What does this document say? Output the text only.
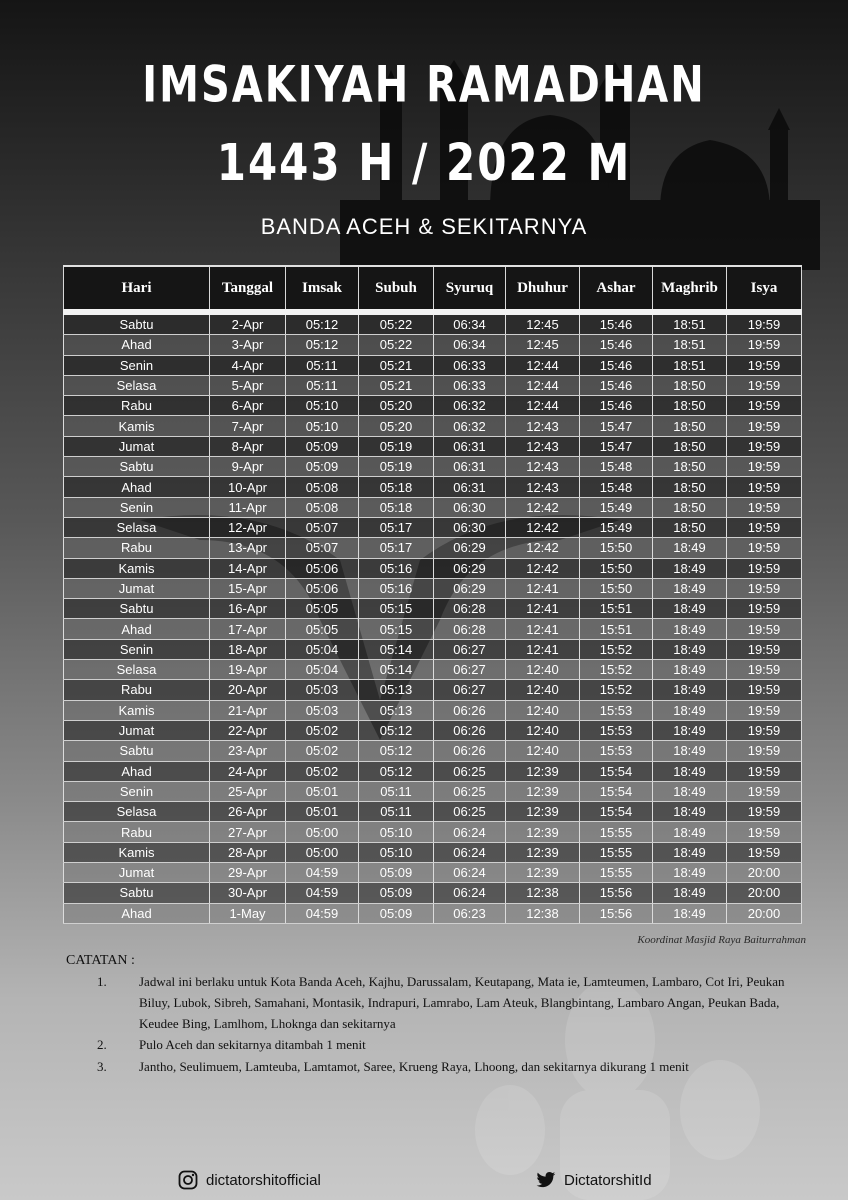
IMSAKIYAH RAMADHAN
1443 H / 2022 M
BANDA ACEH & SEKITARNYA
Hari	Tanggal	Imsak	Subuh	Syuruq	Dhuhur	Ashar	Maghrib	Isya
Sabtu	2-Apr	05:12	05:22	06:34	12:45	15:46	18:51	19:59
Ahad	3-Apr	05:12	05:22	06:34	12:45	15:46	18:51	19:59
Senin	4-Apr	05:11	05:21	06:33	12:44	15:46	18:51	19:59
Selasa	5-Apr	05:11	05:21	06:33	12:44	15:46	18:50	19:59
Rabu	6-Apr	05:10	05:20	06:32	12:44	15:46	18:50	19:59
Kamis	7-Apr	05:10	05:20	06:32	12:43	15:47	18:50	19:59
Jumat	8-Apr	05:09	05:19	06:31	12:43	15:47	18:50	19:59
Sabtu	9-Apr	05:09	05:19	06:31	12:43	15:48	18:50	19:59
Ahad	10-Apr	05:08	05:18	06:31	12:43	15:48	18:50	19:59
Senin	11-Apr	05:08	05:18	06:30	12:42	15:49	18:50	19:59
Selasa	12-Apr	05:07	05:17	06:30	12:42	15:49	18:50	19:59
Rabu	13-Apr	05:07	05:17	06:29	12:42	15:50	18:49	19:59
Kamis	14-Apr	05:06	05:16	06:29	12:42	15:50	18:49	19:59
Jumat	15-Apr	05:06	05:16	06:29	12:41	15:50	18:49	19:59
Sabtu	16-Apr	05:05	05:15	06:28	12:41	15:51	18:49	19:59
Ahad	17-Apr	05:05	05:15	06:28	12:41	15:51	18:49	19:59
Senin	18-Apr	05:04	05:14	06:27	12:41	15:52	18:49	19:59
Selasa	19-Apr	05:04	05:14	06:27	12:40	15:52	18:49	19:59
Rabu	20-Apr	05:03	05:13	06:27	12:40	15:52	18:49	19:59
Kamis	21-Apr	05:03	05:13	06:26	12:40	15:53	18:49	19:59
Jumat	22-Apr	05:02	05:12	06:26	12:40	15:53	18:49	19:59
Sabtu	23-Apr	05:02	05:12	06:26	12:40	15:53	18:49	19:59
Ahad	24-Apr	05:02	05:12	06:25	12:39	15:54	18:49	19:59
Senin	25-Apr	05:01	05:11	06:25	12:39	15:54	18:49	19:59
Selasa	26-Apr	05:01	05:11	06:25	12:39	15:54	18:49	19:59
Rabu	27-Apr	05:00	05:10	06:24	12:39	15:55	18:49	19:59
Kamis	28-Apr	05:00	05:10	06:24	12:39	15:55	18:49	19:59
Jumat	29-Apr	04:59	05:09	06:24	12:39	15:55	18:49	20:00
Sabtu	30-Apr	04:59	05:09	06:24	12:38	15:56	18:49	20:00
Ahad	1-May	04:59	05:09	06:23	12:38	15:56	18:49	20:00
Koordinat Masjid Raya Baiturrahman
CATATAN :
1. Jadwal ini berlaku untuk Kota Banda Aceh, Kajhu, Darussalam, Keutapang, Mata ie, Lamteumen, Lambaro, Cot Iri, Peukan Biluy, Lubok, Sibreh, Samahani, Montasik, Indrapuri, Lamrabo, Lam Ateuk, Blangbintang, Lambaro Angan, Peukan Bada, Keudee Bing, Lamlhom, Lhoknga dan sekitarnya
2. Pulo Aceh dan sekitarnya ditambah 1 menit
3. Jantho, Seulimuem, Lamteuba, Lamtamot, Saree, Krueng Raya, Lhoong, dan sekitarnya dikurang 1 menit
dictatorshitofficial	DictatorshitId
